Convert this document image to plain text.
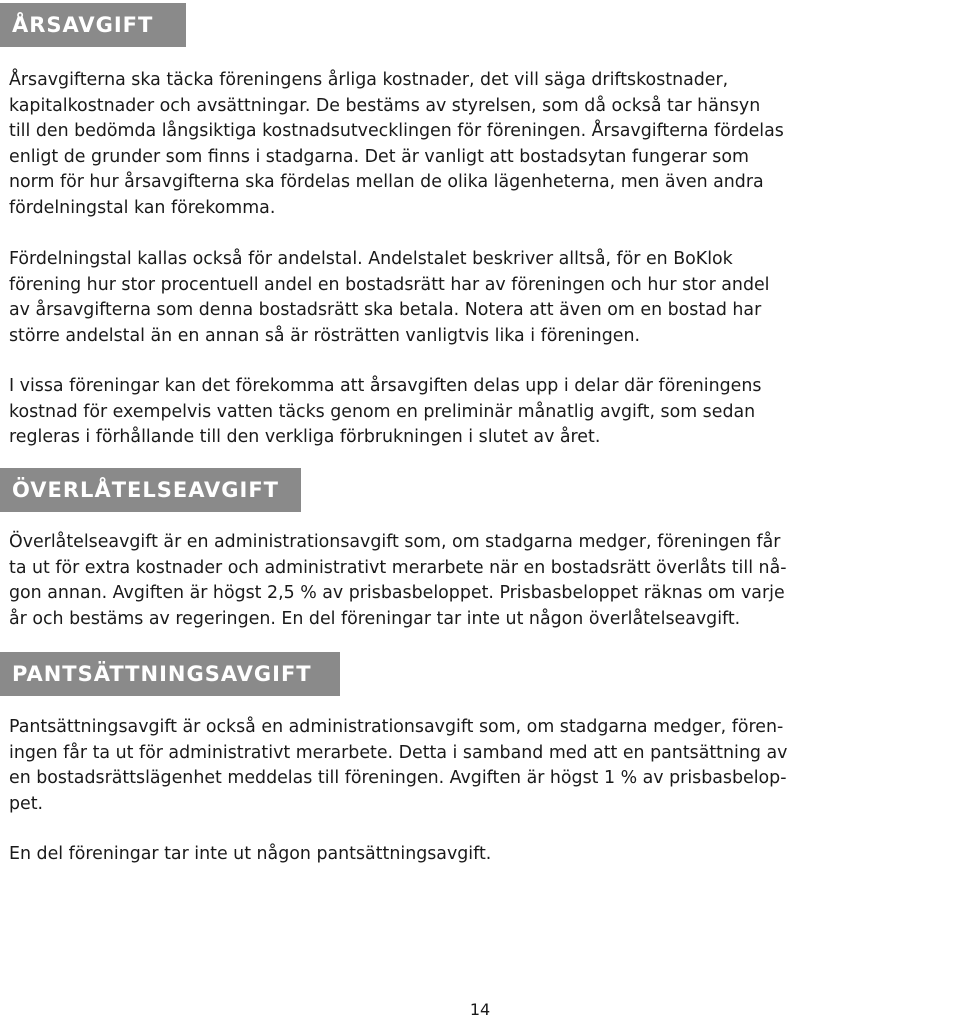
ÅRSAVGIFT

Årsavgifterna ska täcka föreningens årliga kostnader, det vill säga driftskostnader,
kapitalkostnader och avsättningar. De bestäms av styrelsen, som då också tar hänsyn
till den bedömda långsiktiga kostnadsutvecklingen för föreningen. Årsavgifterna fördelas
enligt de grunder som finns i stadgarna. Det är vanligt att bostadsytan fungerar som
norm för hur årsavgifterna ska fördelas mellan de olika lägenheterna, men även andra
fördelningstal kan förekomma.

Fördelningstal kallas också för andelstal. Andelstalet beskriver alltså, för en BoKlok
förening hur stor procentuell andel en bostadsrätt har av föreningen och hur stor andel
av årsavgifterna som denna bostadsrätt ska betala. Notera att även om en bostad har
större andelstal än en annan så är rösträtten vanligtvis lika i föreningen.

I vissa föreningar kan det förekomma att årsavgiften delas upp i delar där föreningens
kostnad för exempelvis vatten täcks genom en preliminär månatlig avgift, som sedan
regleras i förhållande till den verkliga förbrukningen i slutet av året.

ÖVERLÅTELSEAVGIFT

Överlåtelseavgift är en administrationsavgift som, om stadgarna medger, föreningen får
ta ut för extra kostnader och administrativt merarbete när en bostadsrätt överlåts till nå-
gon annan. Avgiften är högst 2,5 % av prisbasbeloppet. Prisbasbeloppet räknas om varje
år och bestäms av regeringen. En del föreningar tar inte ut någon överlåtelseavgift.

PANTSÄTTNINGSAVGIFT

Pantsättningsavgift är också en administrationsavgift som, om stadgarna medger, fören-
ingen får ta ut för administrativt merarbete. Detta i samband med att en pantsättning av
en bostadsrättslägenhet meddelas till föreningen. Avgiften är högst 1 % av prisbasbelop-
pet.

En del föreningar tar inte ut någon pantsättningsavgift.

14
